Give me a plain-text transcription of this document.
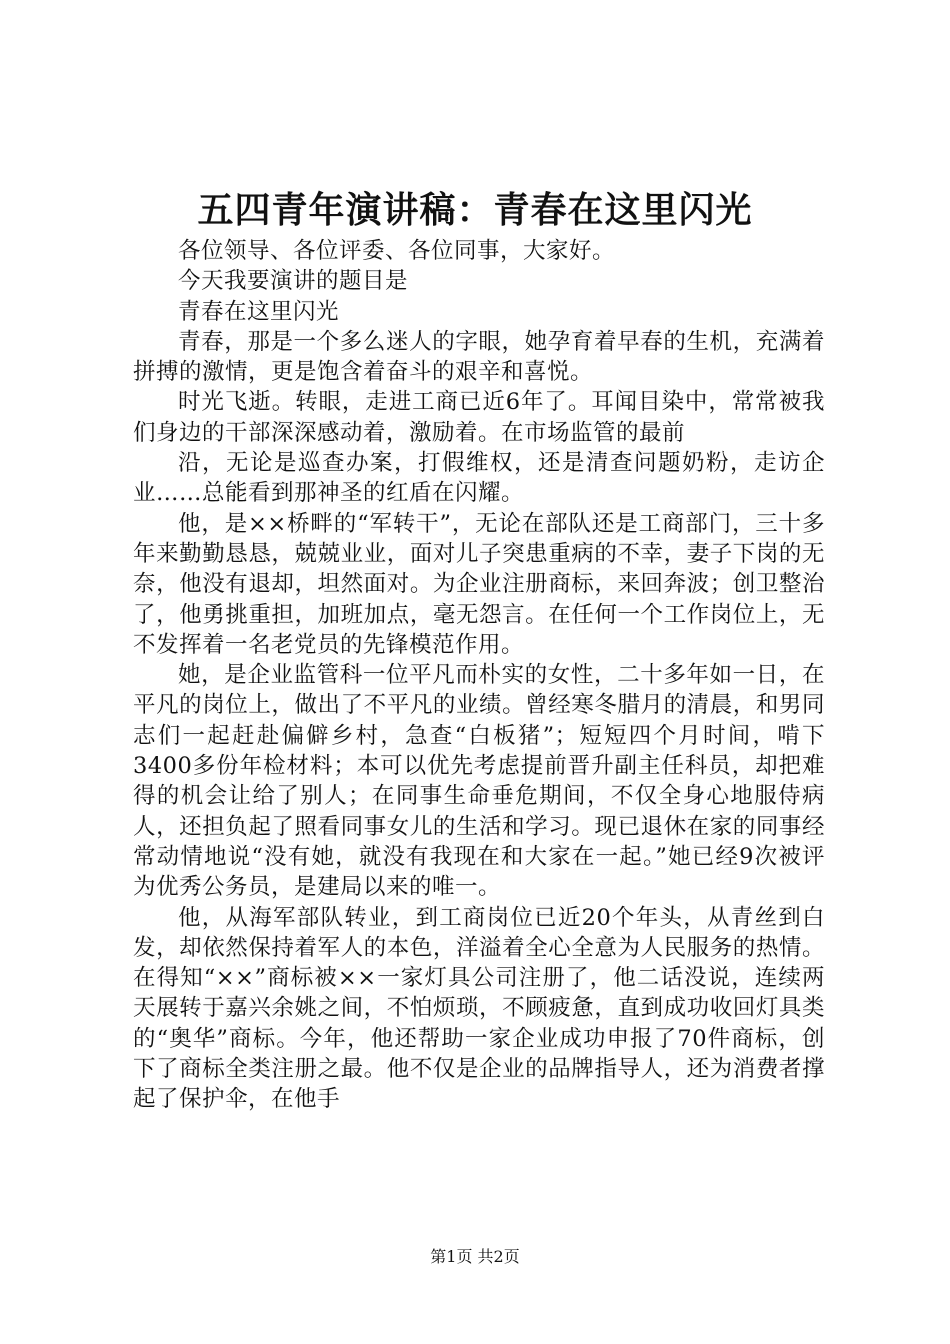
五四青年演讲稿：青春在这里闪光

各位领导、各位评委、各位同事，大家好。

今天我要演讲的题目是

青春在这里闪光

青春，那是一个多么迷人的字眼，她孕育着早春的生机，充满着拼搏的激情，更是饱含着奋斗的艰辛和喜悦。

时光飞逝。转眼，走进工商已近6年了。耳闻目染中，常常被我们身边的干部深深感动着，激励着。在市场监管的最前

沿，无论是巡查办案，打假维权，还是清查问题奶粉，走访企业……总能看到那神圣的红盾在闪耀。

他，是××桥畔的“军转干”，无论在部队还是工商部门，三十多年来勤勤恳恳，兢兢业业，面对儿子突患重病的不幸，妻子下岗的无奈，他没有退却，坦然面对。为企业注册商标，来回奔波；创卫整治了，他勇挑重担，加班加点，毫无怨言。在任何一个工作岗位上，无不发挥着一名老党员的先锋模范作用。

她，是企业监管科一位平凡而朴实的女性，二十多年如一日，在平凡的岗位上，做出了不平凡的业绩。曾经寒冬腊月的清晨，和男同志们一起赶赴偏僻乡村，急查“白板猪”；短短四个月时间，啃下3400多份年检材料；本可以优先考虑提前晋升副主任科员，却把难得的机会让给了别人；在同事生命垂危期间，不仅全身心地服侍病人，还担负起了照看同事女儿的生活和学习。现已退休在家的同事经常动情地说“没有她，就没有我现在和大家在一起。”她已经9次被评为优秀公务员，是建局以来的唯一。

他，从海军部队转业，到工商岗位已近20个年头，从青丝到白发，却依然保持着军人的本色，洋溢着全心全意为人民服务的热情。在得知“××”商标被××一家灯具公司注册了，他二话没说，连续两天展转于嘉兴余姚之间，不怕烦琐，不顾疲惫，直到成功收回灯具类的“奥华”商标。今年，他还帮助一家企业成功申报了70件商标，创下了商标全类注册之最。他不仅是企业的品牌指导人，还为消费者撑起了保护伞，在他手

第1页 共2页
